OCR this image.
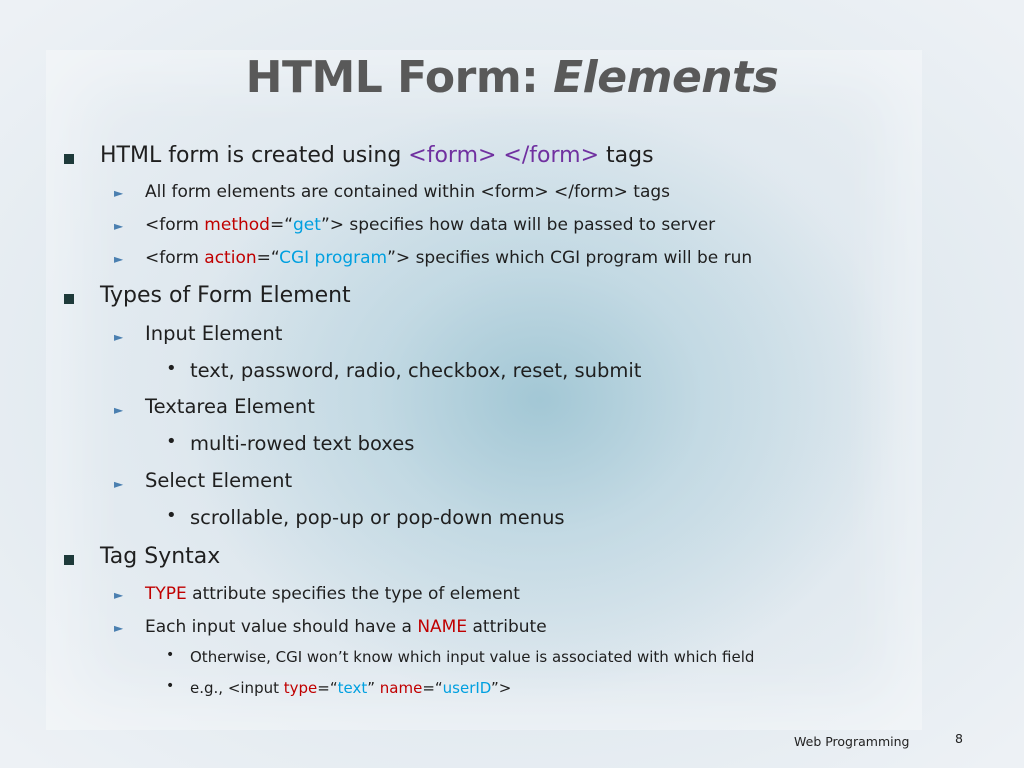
HTML Form: Elements
HTML form is created using <form> </form> tags
► All form elements are contained within <form> </form> tags
► <form method=“get”> specifies how data will be passed to server
► <form action=“CGI program”> specifies which CGI program will be run
Types of Form Element
► Input Element
• text, password, radio, checkbox, reset, submit
► Textarea Element
• multi-rowed text boxes
► Select Element
• scrollable, pop-up or pop-down menus
Tag Syntax
► TYPE attribute specifies the type of element
► Each input value should have a NAME attribute
• Otherwise, CGI won’t know which input value is associated with which field
• e.g., <input type=“text” name=“userID”>
Web Programming	8
